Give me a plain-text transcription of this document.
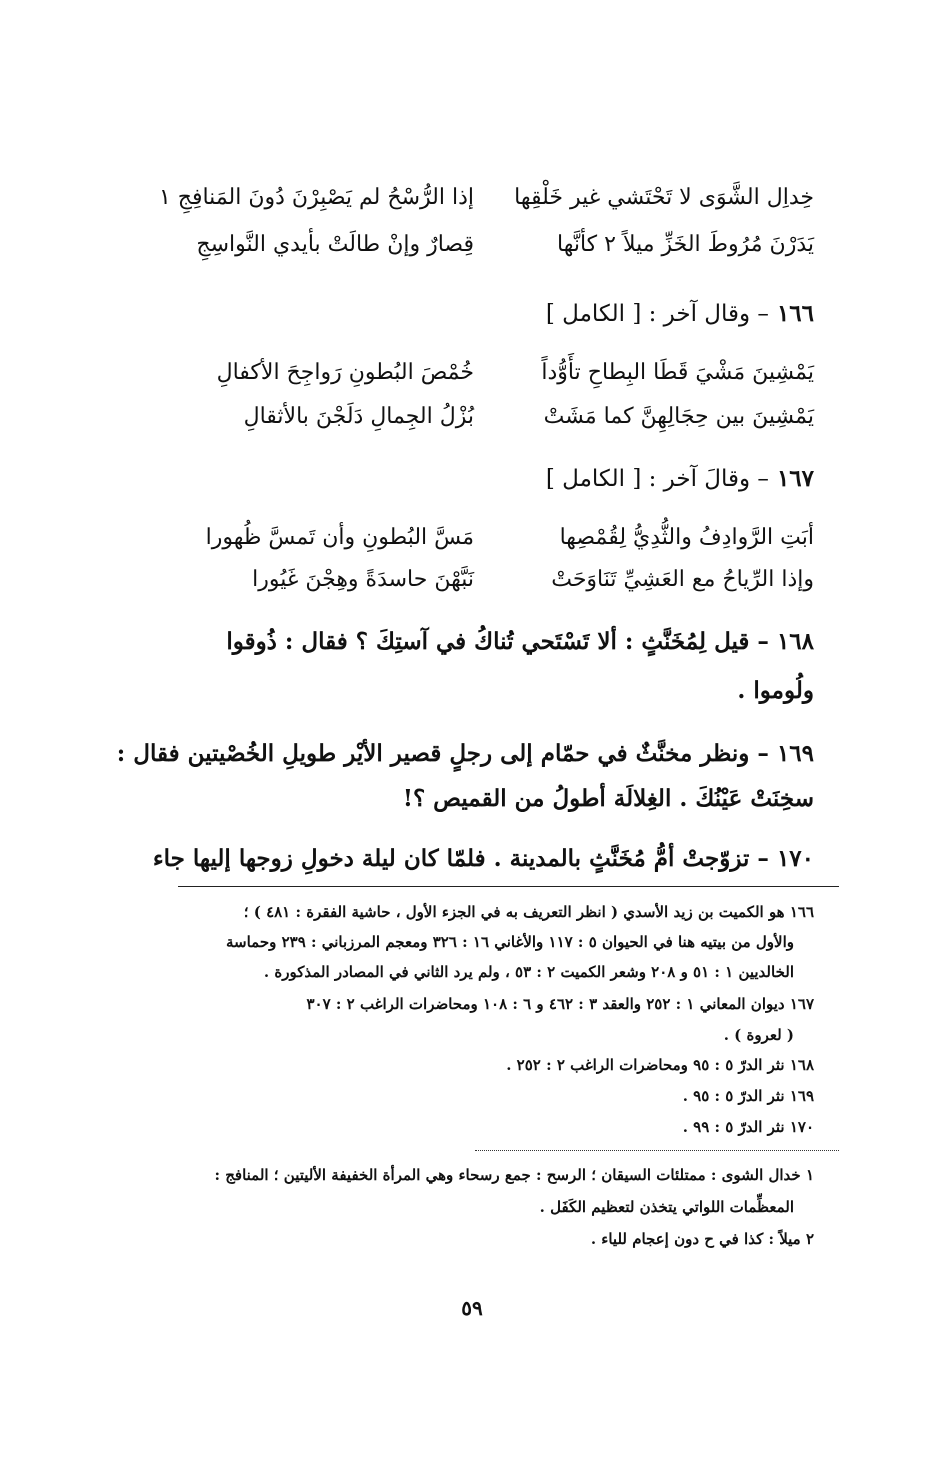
خِداِل الشَّوَى لا تَحْتَشي غير خَلْقِها
إذا الرُّسْحُ لم يَصْبِرْنَ دُونَ المَنافِجِ ١
يَدَرْنَ مُرُوطَ الخَزِّ ميلاً ٢ كأنَّها
قِصارٌ وإنْ طالَتْ بأيدي النَّواسِجِ
١٦٦ – وقال آخر : [ الكامل ]
يَمْشِينَ مَشْيَ قَطَا البِطاحِ تأَوُّداً
خُمْصَ البُطونِ رَواجِحَ الأكفالِ
يَمْشِينَ بين حِجَالِهِنَّ كما مَشَتْ
بُزْلُ الجِمالِ دَلَجْنَ بالأثقالِ
١٦٧ – وقالَ آخر : [ الكامل ]
أبَتِ الرَّوادِفُ والثُّدِيُّ لِقُمْصِها
مَسَّ البُطونِ وأن تَمسَّ ظُهورا
وإذا الرِّياحُ مع العَشِيِّ تَنَاوَحَتْ
نَبَّهْنَ حاسدَةً وهِجْنَ غَيُورا
١٦٨ – قيل لِمُخَنَّثٍ : ألا تَسْتَحي تُناكُ في آستِكَ ؟ فقال : ذُوقوا
ولُوموا .
١٦٩ – ونظر مخنَّثٌ في حمّام إلى رجلٍ قصير الأيْر طويلِ الخُصْيتين فقال :
سخِنَتْ عَيْنُكَ . الغِلالَة أطولُ من القميص ؟!
١٧٠ – تزوّجتْ أمُّ مُخَنَّثٍ بالمدينة . فلمّا كان ليلة دخولِ زوجها إليها جاء
١٦٦ هو الكميت بن زيد الأسدي ( انظر التعريف به في الجزء الأول ، حاشية الفقرة : ٤٨١ ) ؛
والأول من بيتيه هنا في الحيوان ٥ : ١١٧ والأغاني ١٦ : ٣٢٦ ومعجم المرزباني : ٢٣٩ وحماسة
الخالديين ١ : ٥١ و ٢٠٨ وشعر الكميت ٢ : ٥٣ ، ولم يرد الثاني في المصادر المذكورة .
١٦٧ ديوان المعاني ١ : ٢٥٢ والعقد ٣ : ٤٦٢ و ٦ : ١٠٨ ومحاضرات الراغب ٢ : ٣٠٧
( لعروة ) .
١٦٨ نثر الدرّ ٥ : ٩٥ ومحاضرات الراغب ٢ : ٢٥٢ .
١٦٩ نثر الدرّ ٥ : ٩٥ .
١٧٠ نثر الدرّ ٥ : ٩٩ .
١ خدال الشوى : ممتلئات السيقان ؛ الرسح : جمع رسحاء وهي المرأة الخفيفة الأليتين ؛ المنافج :
المعظِّمات اللواتي يتخذن لتعظيم الكَفَل .
٢ ميلاً : كذا في ح دون إعجام للياء .
٥٩
